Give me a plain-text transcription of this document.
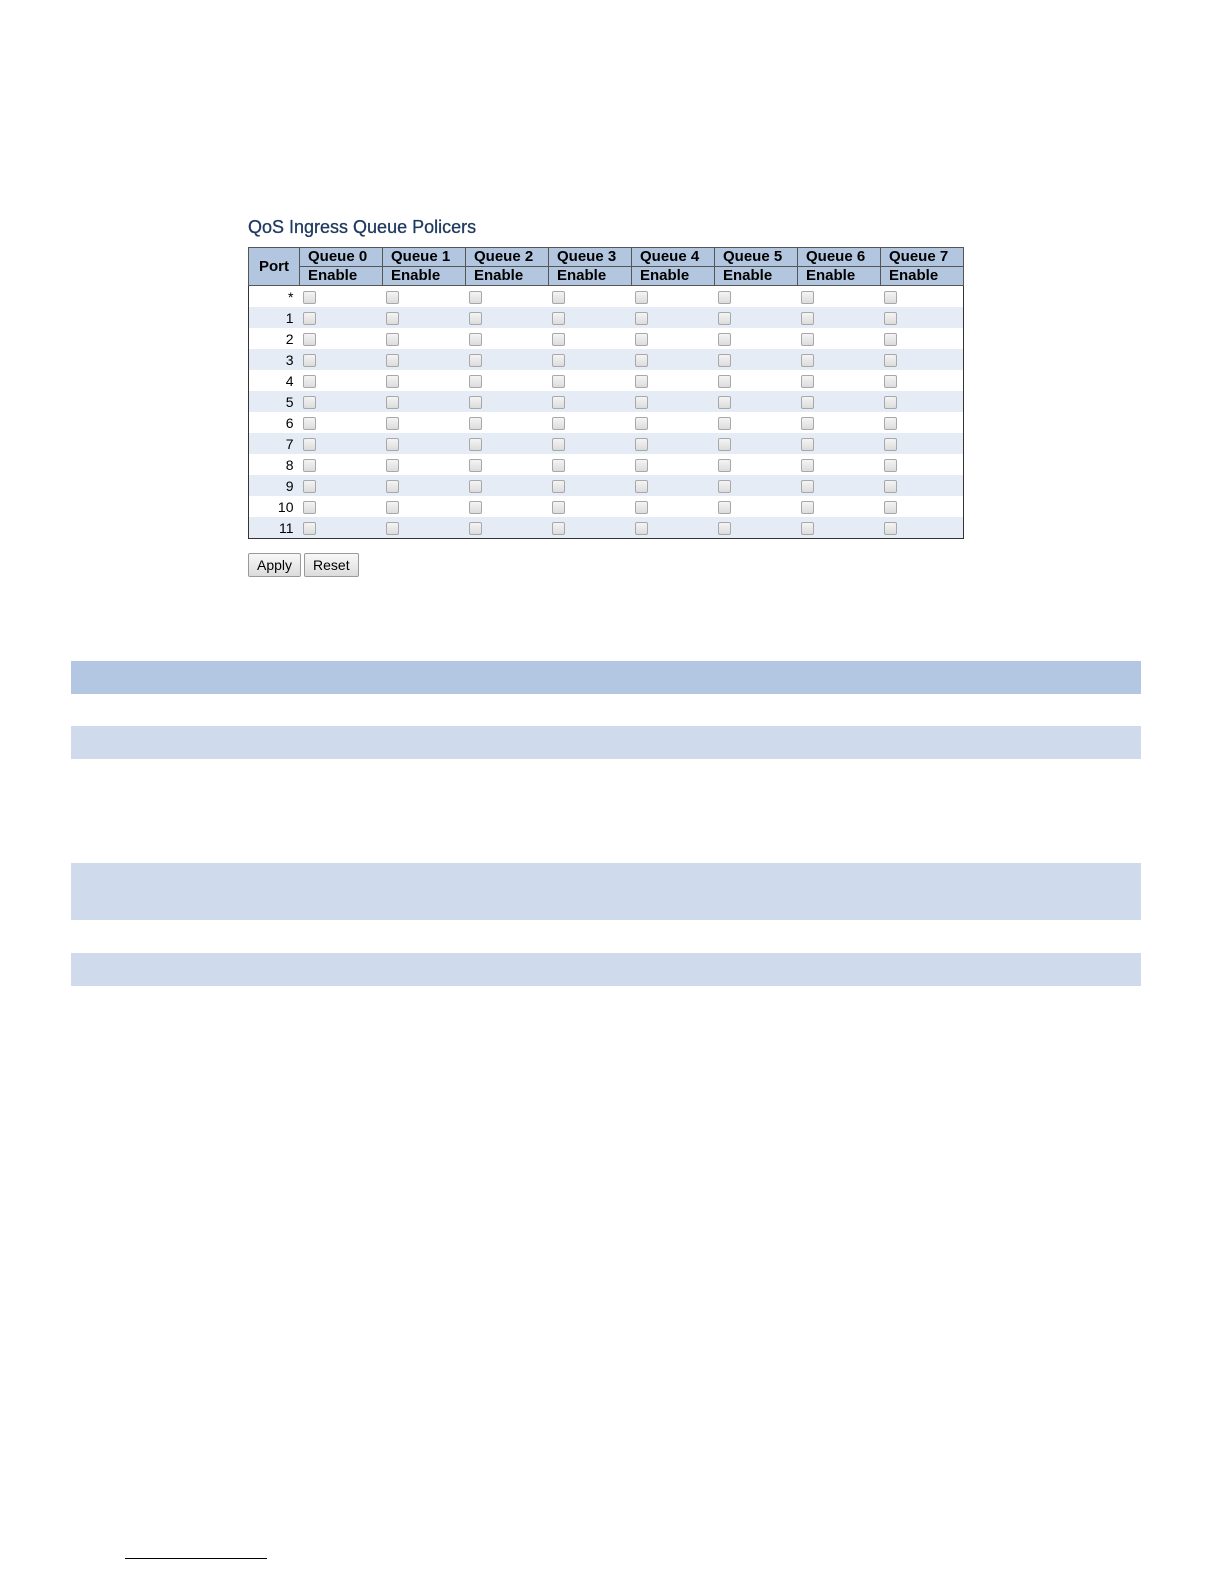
QoS Ingress Queue Policers
Port	Queue 0	Queue 1	Queue 2	Queue 3	Queue 4	Queue 5	Queue 6	Queue 7
	Enable	Enable	Enable	Enable	Enable	Enable	Enable	Enable
*								
1								
2								
3								
4								
5								
6								
7								
8								
9								
10								
11								
Apply	Reset
